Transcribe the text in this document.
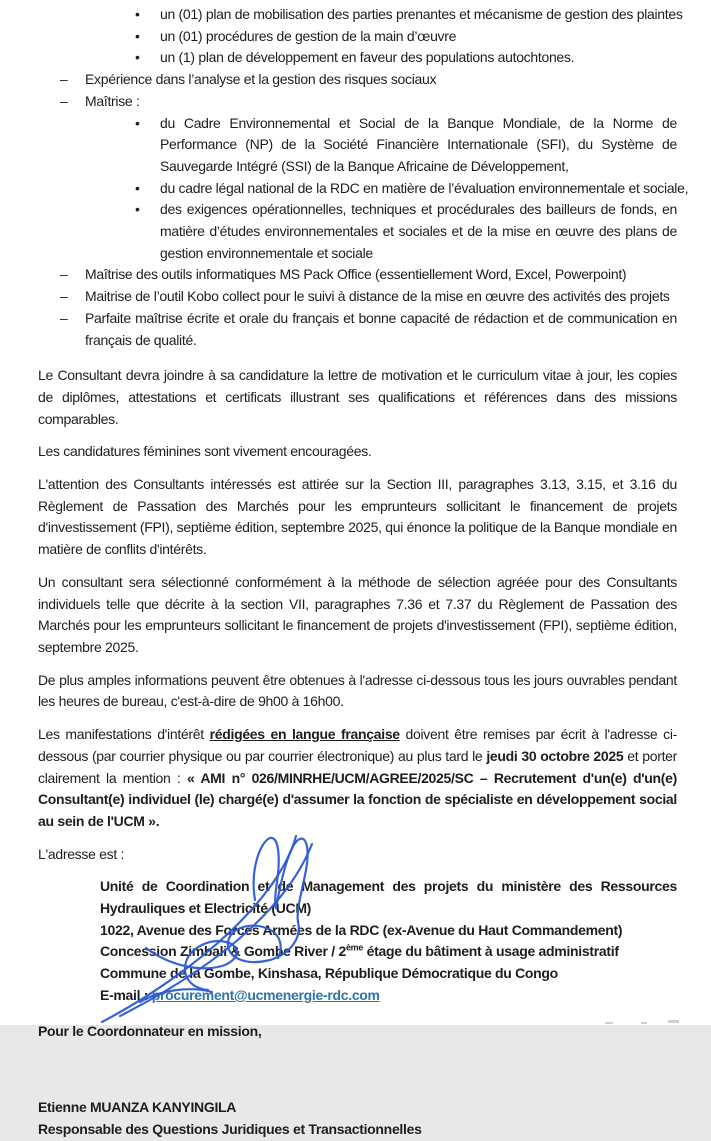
•	un (01) plan de mobilisation des parties prenantes et mécanisme de gestion des plaintes
•	un (01) procédures de gestion de la main d’œuvre
•	un (1) plan de développement en faveur des populations autochtones.
–	Expérience dans l’analyse et la gestion des risques sociaux
–	Maîtrise :
•	du Cadre Environnemental et Social de la Banque Mondiale, de la Norme de Performance (NP) de la Société Financière Internationale (SFI), du Système de Sauvegarde Intégré (SSI) de la Banque Africaine de Développement,
•	du cadre légal national de la RDC en matière de l’évaluation environnementale et sociale,
•	des exigences opérationnelles, techniques et procédurales des bailleurs de fonds, en matière d’études environnementales et sociales et de la mise en œuvre des plans de gestion environnementale et sociale
–	Maîtrise des outils informatiques MS Pack Office (essentiellement Word, Excel, Powerpoint)
–	Maitrise de l’outil Kobo collect pour le suivi à distance de la mise en œuvre des activités des projets
–	Parfaite maîtrise écrite et orale du français et bonne capacité de rédaction et de communication en français de qualité.

Le Consultant devra joindre à sa candidature la lettre de motivation et le curriculum vitae à jour, les copies de diplômes, attestations et certificats illustrant ses qualifications et références dans des missions comparables.

Les candidatures féminines sont vivement encouragées.

L'attention des Consultants intéressés est attirée sur la Section III, paragraphes 3.13, 3.15, et 3.16 du Règlement de Passation des Marchés pour les emprunteurs sollicitant le financement de projets d'investissement (FPI), septième édition, septembre 2025, qui énonce la politique de la Banque mondiale en matière de conflits d'intérêts.

Un consultant sera sélectionné conformément à la méthode de sélection agréée pour des Consultants individuels telle que décrite à la section VII, paragraphes 7.36 et 7.37 du Règlement de Passation des Marchés pour les emprunteurs sollicitant le financement de projets d'investissement (FPI), septième édition, septembre 2025.

De plus amples informations peuvent être obtenues à l'adresse ci-dessous tous les jours ouvrables pendant les heures de bureau, c'est-à-dire de 9h00 à 16h00.

Les manifestations d'intérêt rédigées en langue française doivent être remises par écrit à l'adresse ci-dessous (par courrier physique ou par courrier électronique) au plus tard le jeudi 30 octobre 2025 et porter clairement la mention : « AMI n° 026/MINRHE/UCM/AGREE/2025/SC – Recrutement d'un(e) d'un(e) Consultant(e) individuel (le) chargé(e) d'assumer la fonction de spécialiste en développement social au sein de l'UCM ».

L'adresse est :

Unité de Coordination et de Management des projets du ministère des Ressources Hydrauliques et Electricité (UCM)
1022, Avenue des Forces Armées de la RDC (ex-Avenue du Haut Commandement)
Concession Zimbali & Gombe River / 2ème étage du bâtiment à usage administratif
Commune de la Gombe, Kinshasa, République Démocratique du Congo
E-mail : procurement@ucmenergie-rdc.com

Pour le Coordonnateur en mission,

Etienne MUANZA KANYINGILA
Responsable des Questions Juridiques et Transactionnelles
